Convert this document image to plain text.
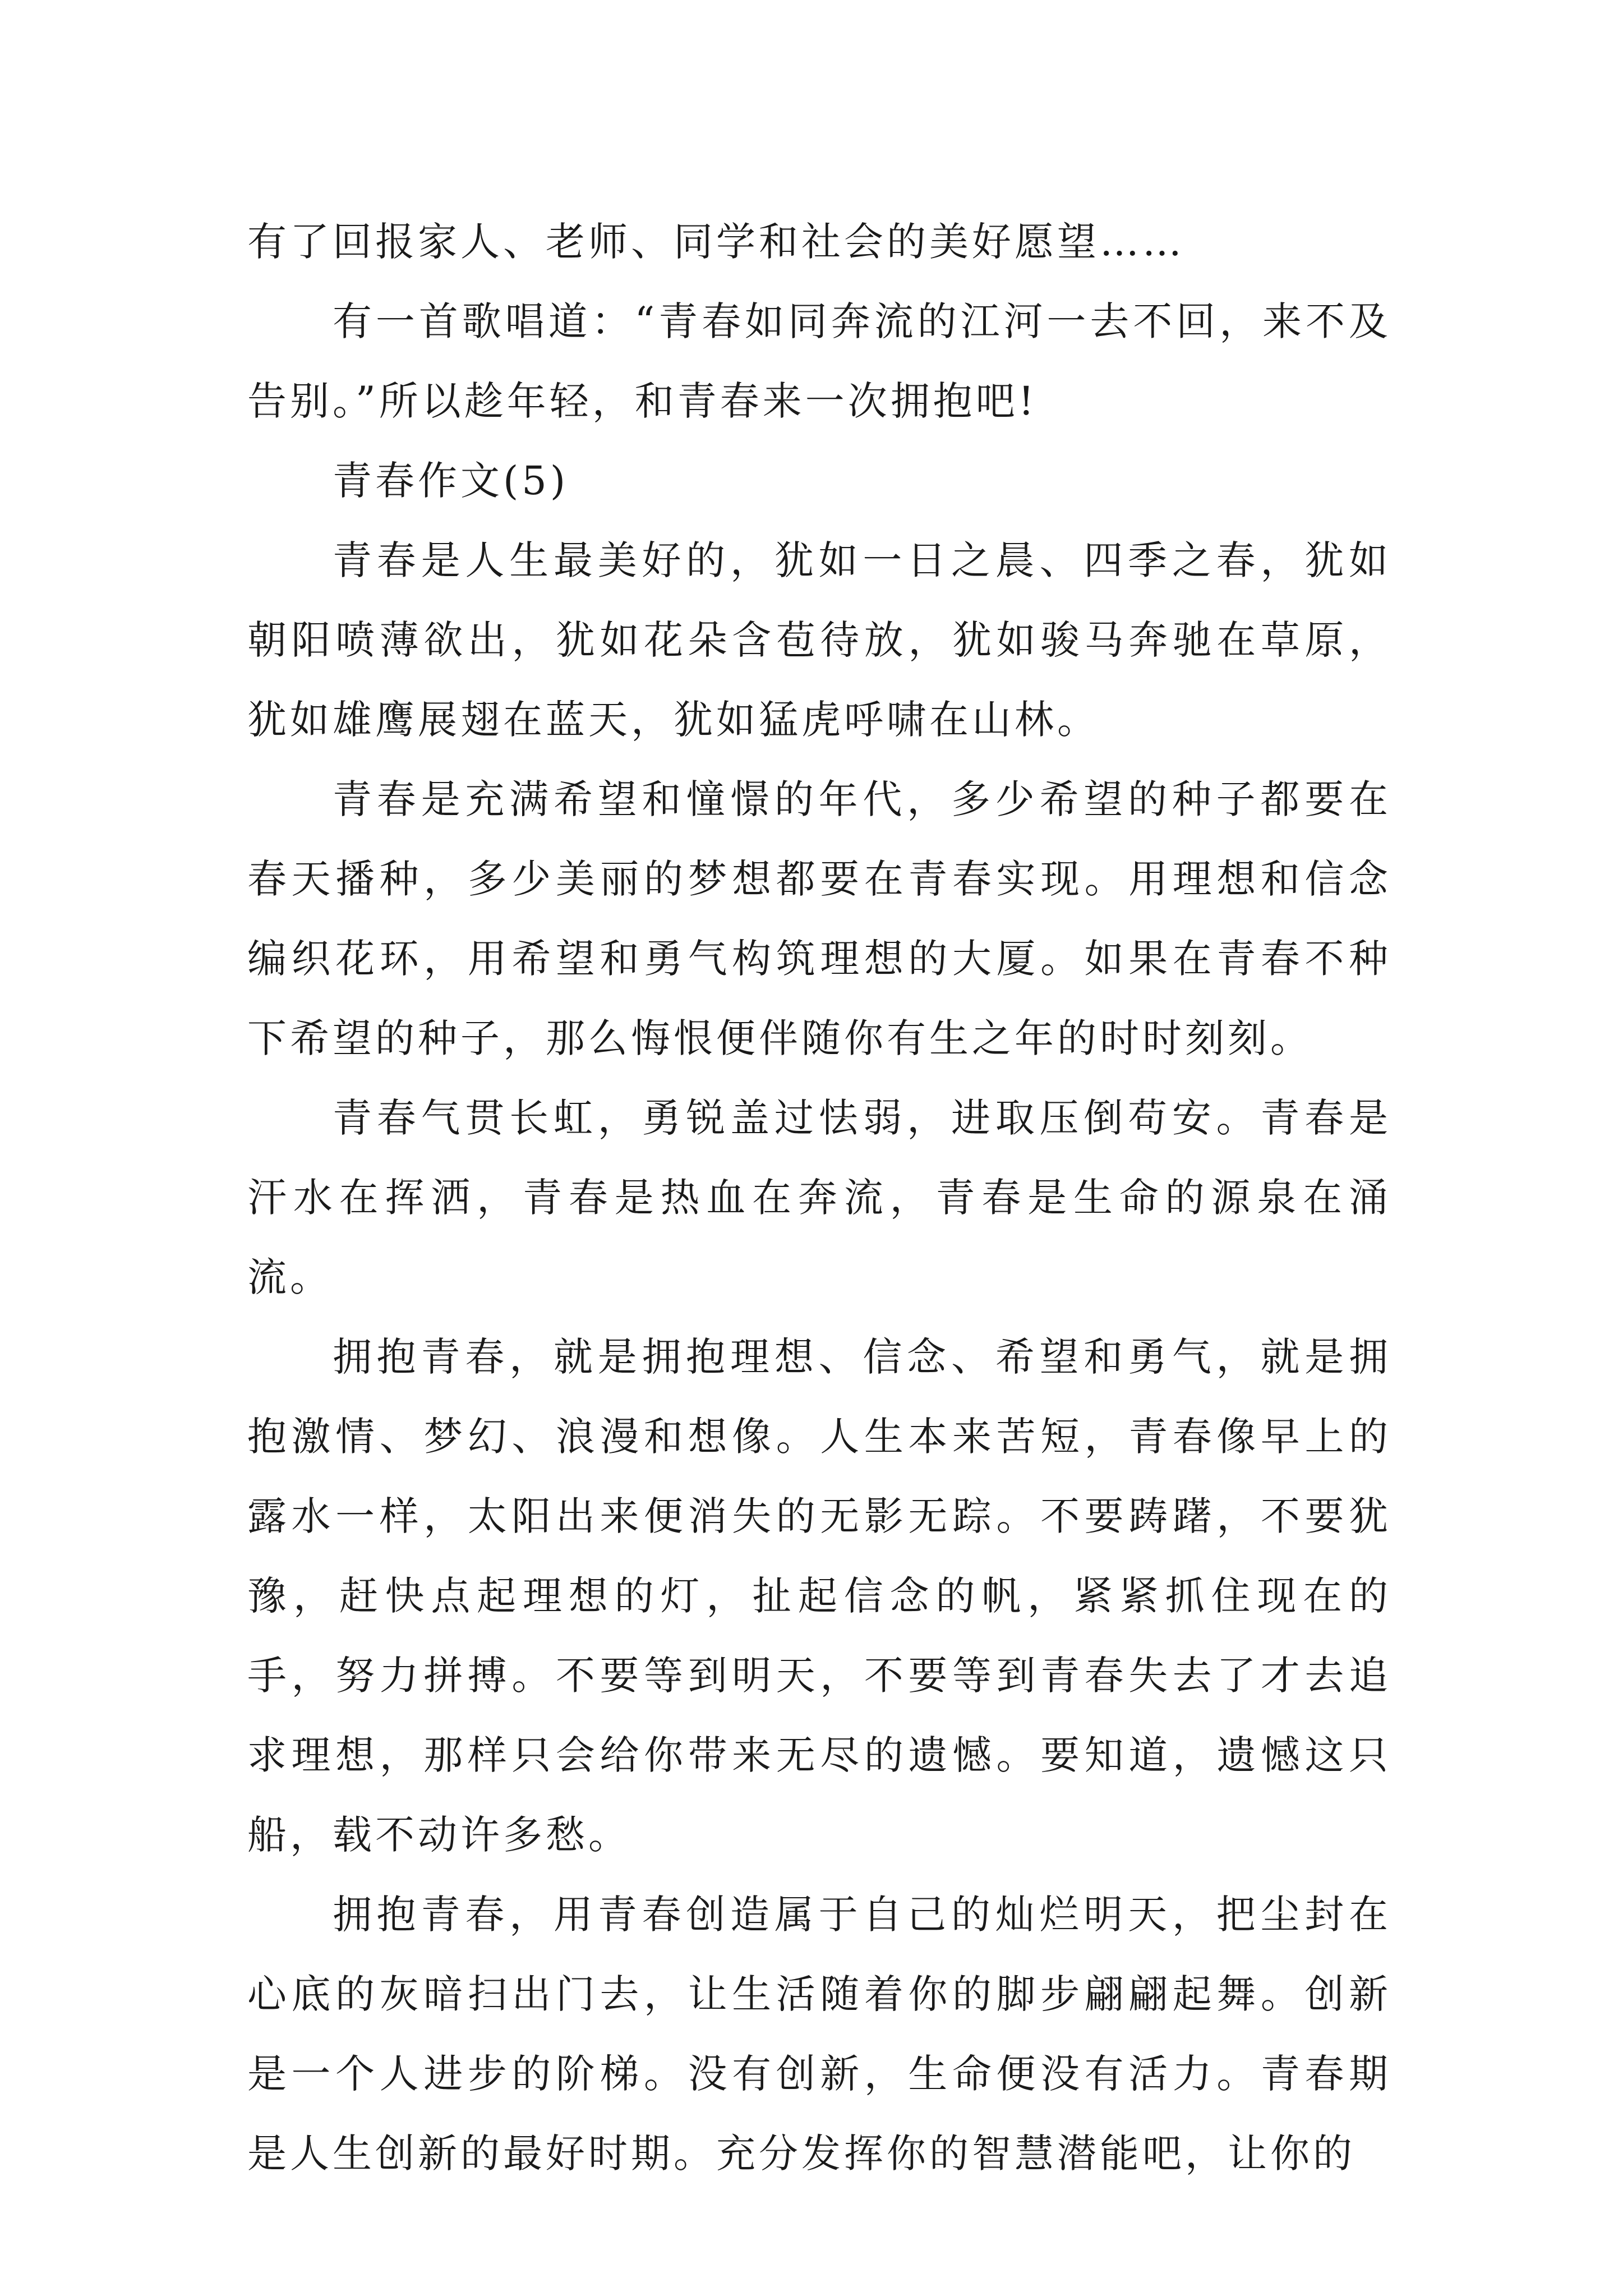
有了回报家人、老师、同学和社会的美好愿望……

有一首歌唱道：“青春如同奔流的江河一去不回，来不及告别。”所以趁年轻，和青春来一次拥抱吧!

青春作文(5)

青春是人生最美好的，犹如一日之晨、四季之春，犹如朝阳喷薄欲出，犹如花朵含苞待放，犹如骏马奔驰在草原，犹如雄鹰展翅在蓝天，犹如猛虎呼啸在山林。

青春是充满希望和憧憬的年代，多少希望的种子都要在春天播种，多少美丽的梦想都要在青春实现。用理想和信念编织花环，用希望和勇气构筑理想的大厦。如果在青春不种下希望的种子，那么悔恨便伴随你有生之年的时时刻刻。

青春气贯长虹，勇锐盖过怯弱，进取压倒苟安。青春是汗水在挥洒，青春是热血在奔流，青春是生命的源泉在涌流。

拥抱青春，就是拥抱理想、信念、希望和勇气，就是拥抱激情、梦幻、浪漫和想像。人生本来苦短，青春像早上的露水一样，太阳出来便消失的无影无踪。不要踌躇，不要犹豫，赶快点起理想的灯，扯起信念的帆，紧紧抓住现在的手，努力拼搏。不要等到明天，不要等到青春失去了才去追求理想，那样只会给你带来无尽的遗憾。要知道，遗憾这只船，载不动许多愁。

拥抱青春，用青春创造属于自己的灿烂明天，把尘封在心底的灰暗扫出门去，让生活随着你的脚步翩翩起舞。创新是一个人进步的阶梯。没有创新，生命便没有活力。青春期是人生创新的最好时期。充分发挥你的智慧潜能吧，让你的
